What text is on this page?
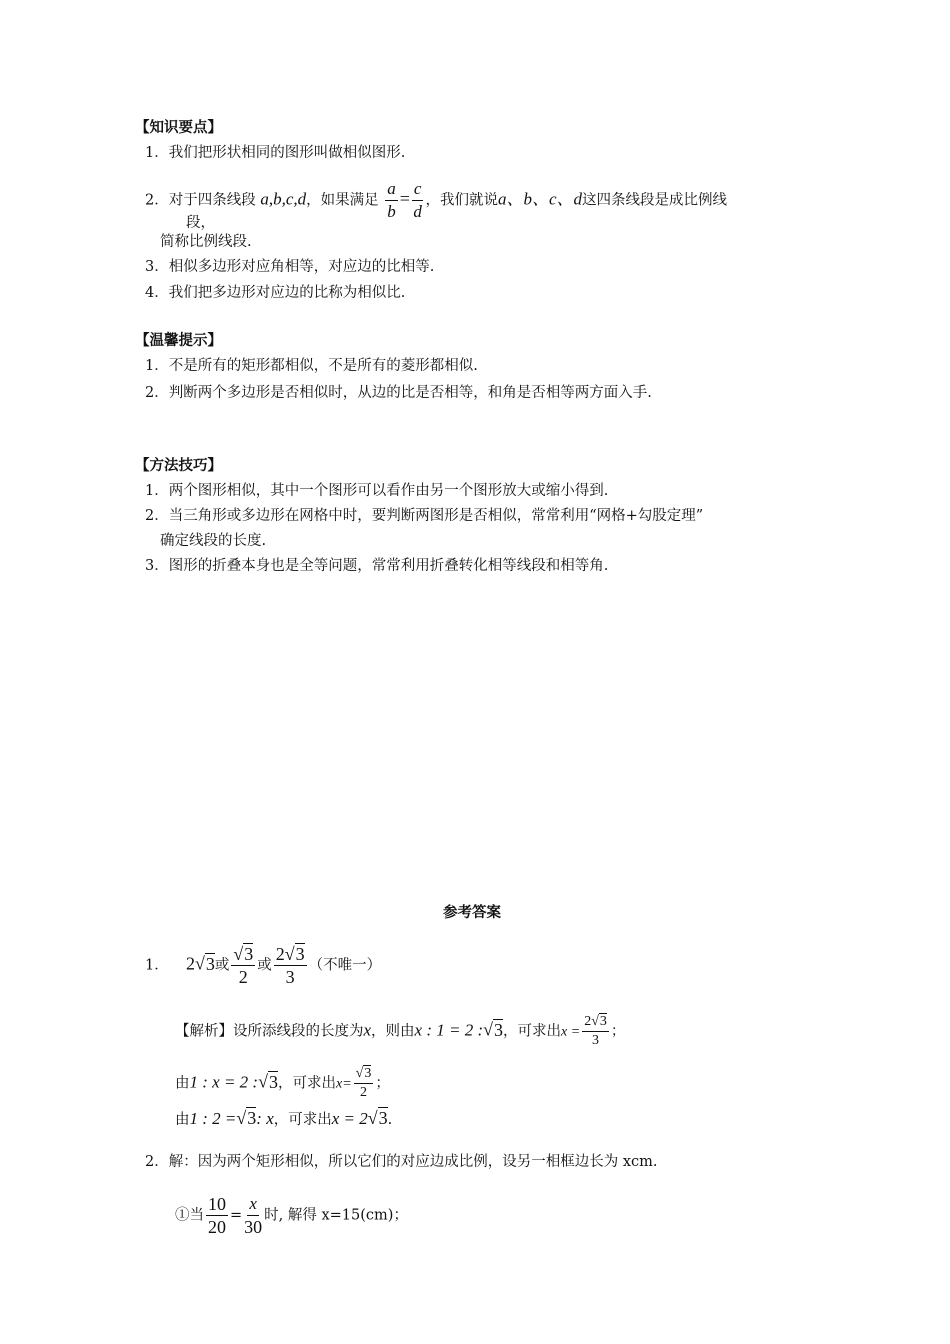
【知识要点】
1．我们把形状相同的图形叫做相似图形.
2．对于四条线段 a,b,c,d，如果满足 $\frac{a}{b} = \frac{c}{d}$ ，我们就说a、b、c、d这四条线段是成比例线
段，
简称比例线段.
3．相似多边形对应角相等，对应边的比相等.
4．我们把多边形对应边的比称为相似比.
【温馨提示】
1．不是所有的矩形都相似，不是所有的菱形都相似.
2．判断两个多边形是否相似时，从边的比是否相等，和角是否相等两方面入手.
【方法技巧】
1．两个图形相似，其中一个图形可以看作由另一个图形放大或缩小得到.
2．当三角形或多边形在网格中时，要判断两图形是否相似，常常利用“网格+勾股定理”
确定线段的长度.
3．图形的折叠本身也是全等问题，常常利用折叠转化相等线段和相等角.
参考答案
1． 2√3或 $\frac{√3}{2}$ 或 $\frac{2√3}{3}$ （不唯一）
【解析】设所添线段的长度为x，则由x : 1 = 2 :√3，可求出$x = \frac{2√3}{3}$ ；
由1 : x = 2 :√3，可求出$x= \frac{√3}{2}$ ；
由1 : 2 =√3: x，可求出x = 2√3.
2．解：因为两个矩形相似，所以它们的对应边成比例，设另一相框边长为 xcm.
①当 $\frac{10}{20} = \frac{x}{30}$ 时, 解得 x=15(cm)；
